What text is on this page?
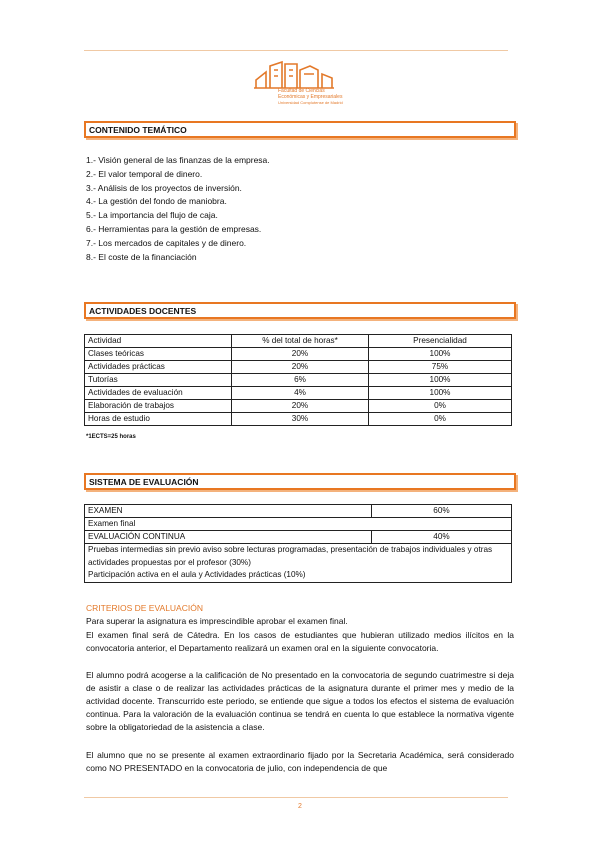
Facultad de Ciencias
Económicas y Empresariales
Universidad Complutense de Madrid
CONTENIDO TEMÁTICO
1.- Visión general de las finanzas de la empresa.
2.- El valor temporal de dinero.
3.- Análisis de los proyectos de inversión.
4.- La gestión del fondo de maniobra.
5.- La importancia del flujo de caja.
6.- Herramientas para la gestión de empresas.
7.- Los mercados de capitales y de dinero.
8.- El coste de la financiación
ACTIVIDADES DOCENTES
Actividad	% del total de horas*	Presencialidad
Clases teóricas	20%	100%
Actividades prácticas	20%	75%
Tutorías	6%	100%
Actividades de evaluación	4%	100%
Elaboración de trabajos	20%	0%
Horas de estudio	30%	0%
*1ECTS=25 horas
SISTEMA DE EVALUACIÓN
EXAMEN	60%
Examen final	
EVALUACIÓN CONTINUA	40%

Pruebas intermedias sin previo aviso sobre lecturas programadas, presentación de trabajos individuales y otras actividades propuestas por el profesor (30%)
Participación activa en el aula y Actividades prácticas (10%)	
CRITERIOS DE EVALUACIÓN
Para superar la asignatura es imprescindible aprobar el examen final.
El examen final será de Cátedra. En los casos de estudiantes que hubieran utilizado medios ilícitos en la convocatoria anterior, el Departamento realizará un examen oral en la siguiente convocatoria.
El alumno podrá acogerse a la calificación de No presentado en la convocatoria de segundo cuatrimestre si deja de asistir a clase o de realizar las actividades prácticas de la asignatura durante el primer mes y medio de la actividad docente. Transcurrido este periodo, se entiende que sigue a todos los efectos el sistema de evaluación continua. Para la valoración de la evaluación continua se tendrá en cuenta lo que establece la normativa vigente sobre la obligatoriedad de la asistencia a clase.
El alumno que no se presente al examen extraordinario fijado por la Secretaria Académica, será considerado como NO PRESENTADO en la convocatoria de julio, con independencia de que
2
